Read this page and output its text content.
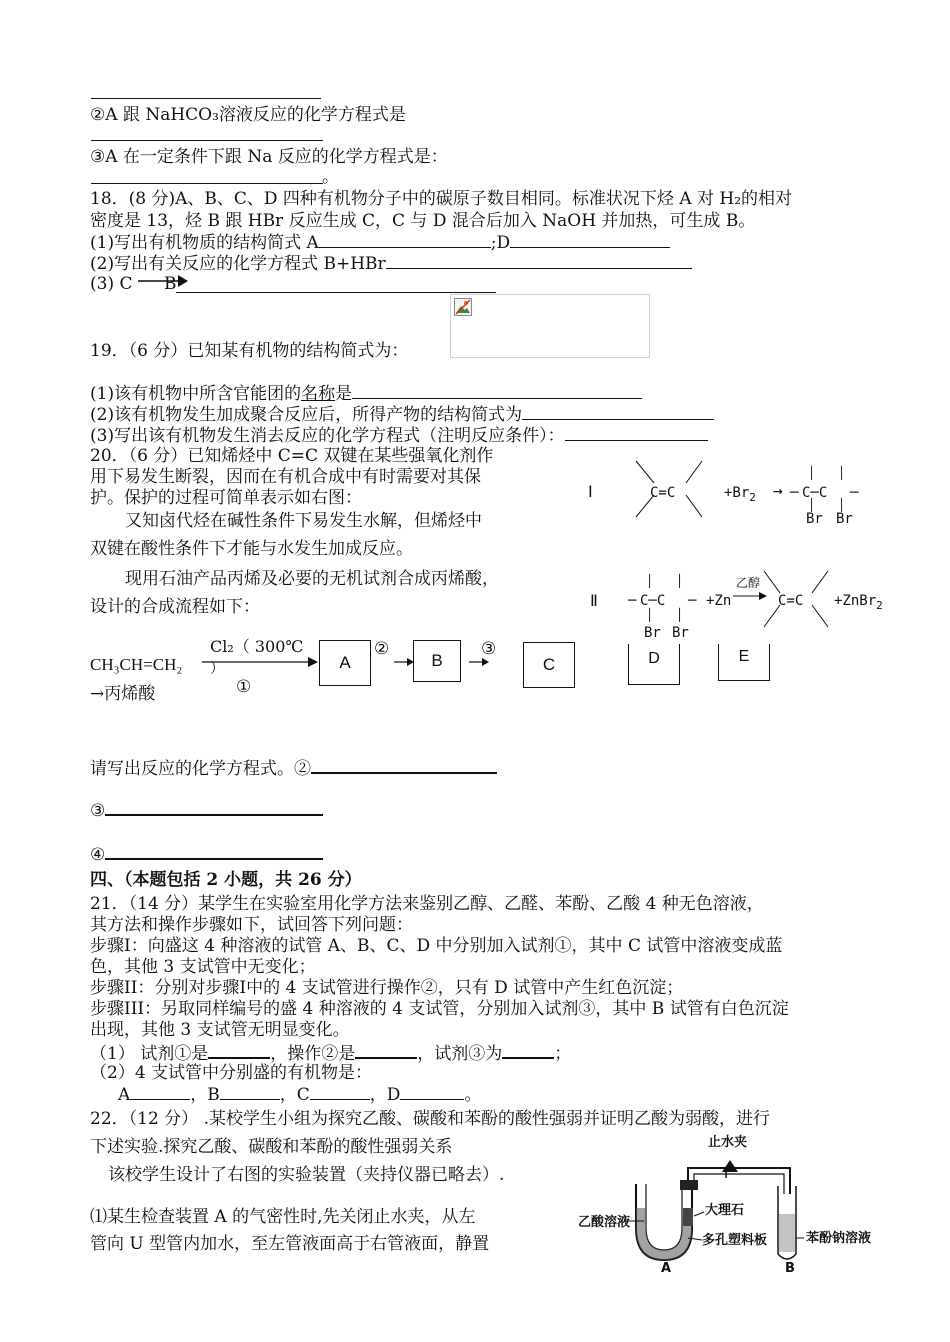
②A 跟 NaHCO₃溶液反应的化学方程式是
③A 在一定条件下跟 Na 反应的化学方程式是：
。
18．(8 分)A、B、C、D 四种有机物分子中的碳原子数目相同。标准状况下烃 A 对 H₂的相对
密度是 13，烃 B 跟 HBr 反应生成 C，C 与 D 混合后加入 NaOH 并加热，可生成 B。
(1)写出有机物质的结构简式 A	;D
(2)写出有关反应的化学方程式 B+HBr
(3) C →
B
19．（6 分）已知某有机物的结构简式为：
(1)该有机物中所含官能团的名称是
(2)该有机物发生加成聚合反应后，所得产物的结构简式为
(3)写出该有机物发生消去反应的化学方程式（注明反应条件）：
20．（6 分）已知烯烃中 C=C 双键在某些强氧化剂作
用下易发生断裂，因而在有机合成中有时需要对其保
护。保护的过程可简单表示如右图：
又知卤代烃在碱性条件下易发生水解，但烯烃中
双键在酸性条件下才能与水发生加成反应。
现用石油产品丙烯及必要的无机试剂合成丙烯酸，
设计的合成流程如下：
Ⅰ	C=C	$+Br_2$ → ─ C─C ─
│ │
│ │
Br Br
Ⅱ ─ C─C ─
│ │
│ │
Br Br
+Zn
乙醇
→ C=C +ZnBr$_2$
CH₃CH=CH₂
Cl₂（ 300℃
）
①
A
②
→ B
③
C	D	E
→丙烯酸
请写出反应的化学方程式。②
③
④
四、（本题包括 2 小题，共 26 分）
21．（14 分）某学生在实验室用化学方法来鉴别乙醇、乙醛、苯酚、乙酸 4 种无色溶液，
其方法和操作步骤如下，试回答下列问题：
步骤I：向盛这 4 种溶液的试管 A、B、C、D 中分别加入试剂①，其中 C 试管中溶液变成蓝
色，其他 3 支试管中无变化；
步骤II：分别对步骤I中的 4 支试管进行操作②，只有 D 试管中产生红色沉淀；
步骤III：另取同样编号的盛 4 种溶液的 4 支试管，分别加入试剂③，其中 B 试管有白色沉淀
出现，其他 3 支试管无明显变化。
（1） 试剂①是	，操作②是	，试剂③为	；
（2）4 支试管中分别盛的有机物是：
A	，B	，C	，D	。
22．（12 分） .某校学生小组为探究乙酸、碳酸和苯酚的酸性强弱并证明乙酸为弱酸，进行
下述实验.探究乙酸、碳酸和苯酚的酸性强弱关系
该校学生设计了右图的实验装置（夹持仪器已略去）.
⑴某生检查装置 A 的气密性时,先关闭止水夹，从左
管向 U 型管内加水，至左管液面高于右管液面，静置
止水夹
乙酸溶液
大理石
多孔塑料板	苯酚钠溶液
A	B
